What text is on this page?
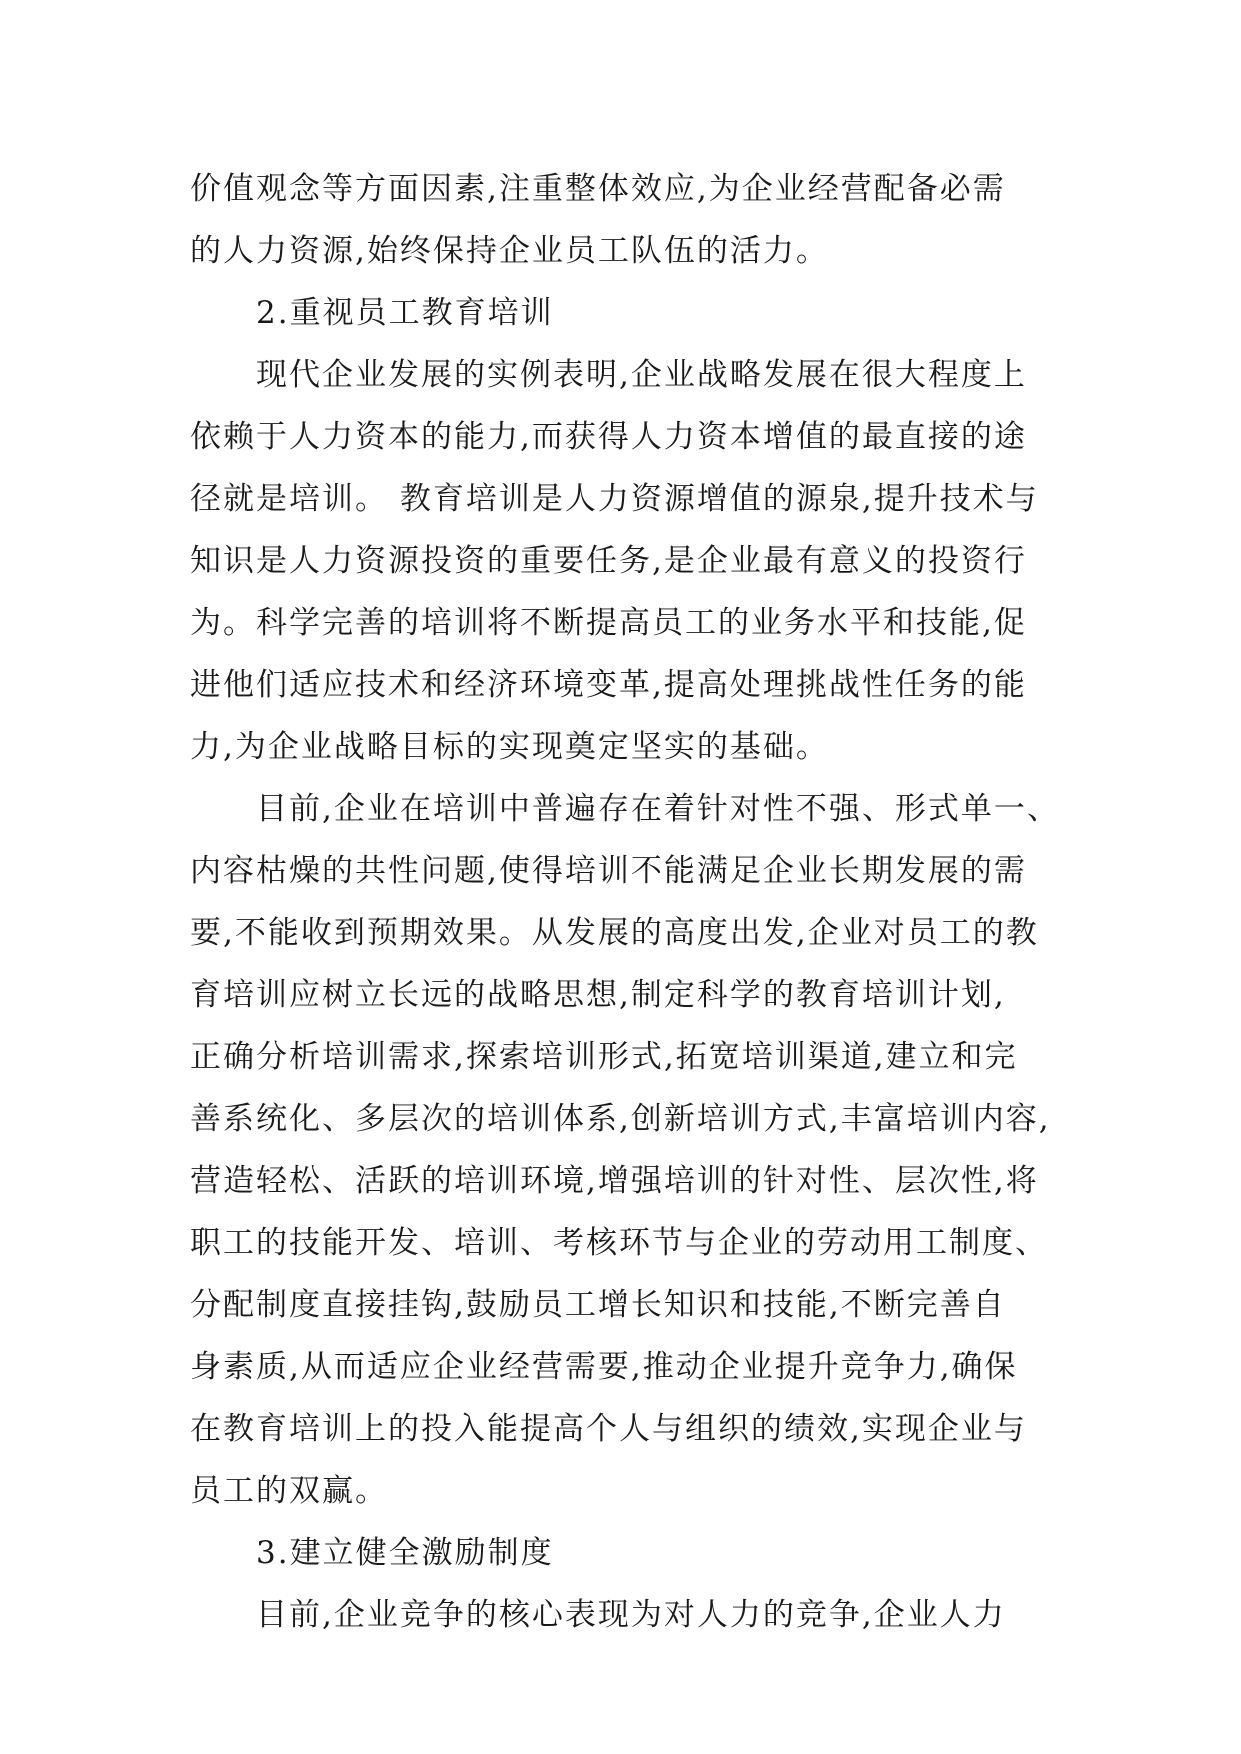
价值观念等方面因素,注重整体效应,为企业经营配备必需
的人力资源,始终保持企业员工队伍的活力。
2.重视员工教育培训
现代企业发展的实例表明,企业战略发展在很大程度上
依赖于人力资本的能力,而获得人力资本增值的最直接的途
径就是培训。 教育培训是人力资源增值的源泉,提升技术与
知识是人力资源投资的重要任务,是企业最有意义的投资行
为。科学完善的培训将不断提高员工的业务水平和技能,促
进他们适应技术和经济环境变革,提高处理挑战性任务的能
力,为企业战略目标的实现奠定坚实的基础。
目前,企业在培训中普遍存在着针对性不强、形式单一、
内容枯燥的共性问题,使得培训不能满足企业长期发展的需
要,不能收到预期效果。从发展的高度出发,企业对员工的教
育培训应树立长远的战略思想,制定科学的教育培训计划,
正确分析培训需求,探索培训形式,拓宽培训渠道,建立和完
善系统化、多层次的培训体系,创新培训方式,丰富培训内容,
营造轻松、活跃的培训环境,增强培训的针对性、层次性,将
职工的技能开发、培训、考核环节与企业的劳动用工制度、
分配制度直接挂钩,鼓励员工增长知识和技能,不断完善自
身素质,从而适应企业经营需要,推动企业提升竞争力,确保
在教育培训上的投入能提高个人与组织的绩效,实现企业与
员工的双赢。
3.建立健全激励制度
目前,企业竞争的核心表现为对人力的竞争,企业人力
